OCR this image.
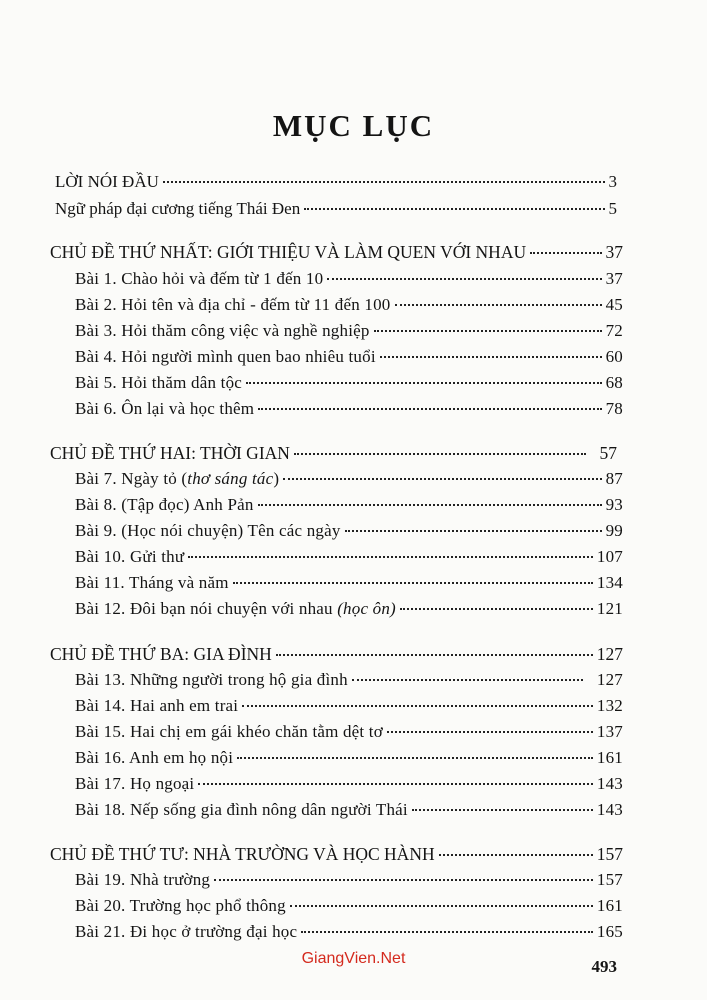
MỤC LỤC
LỜI NÓI ĐẦU	3
Ngữ pháp đại cương tiếng Thái Đen	5
CHỦ ĐỀ THỨ NHẤT: GIỚI THIỆU VÀ LÀM QUEN VỚI NHAU	37
Bài 1. Chào hỏi và đếm từ 1 đến 10	37
Bài 2. Hỏi tên và địa chỉ - đếm từ 11 đến 100	45
Bài 3. Hỏi thăm công việc và nghề nghiệp	72
Bài 4. Hỏi người mình quen bao nhiêu tuổi	60
Bài 5. Hỏi thăm dân tộc	68
Bài 6. Ôn lại và học thêm	78
CHỦ ĐỀ THỨ HAI: THỜI GIAN	57
Bài 7. Ngày tỏ (thơ sáng tác)	87
Bài 8. (Tập đọc) Anh Pản	93
Bài 9. (Học nói chuyện) Tên các ngày	99
Bài 10. Gửi thư	107
Bài 11. Tháng và năm	134
Bài 12. Đôi bạn nói chuyện với nhau (học ôn)	121
CHỦ ĐỀ THỨ BA: GIA ĐÌNH	127
Bài 13. Những người trong hộ gia đình	127
Bài 14. Hai anh em trai	132
Bài 15. Hai chị em gái khéo chăn tằm dệt tơ	137
Bài 16. Anh em họ nội	161
Bài 17. Họ ngoại	143
Bài 18. Nếp sống gia đình nông dân người Thái	143
CHỦ ĐỀ THỨ TƯ: NHÀ TRƯỜNG VÀ HỌC HÀNH	157
Bài 19. Nhà trường	157
Bài 20. Trường học phổ thông	161
Bài 21. Đi học ở trường đại học	165
GiangVien.Net	493
